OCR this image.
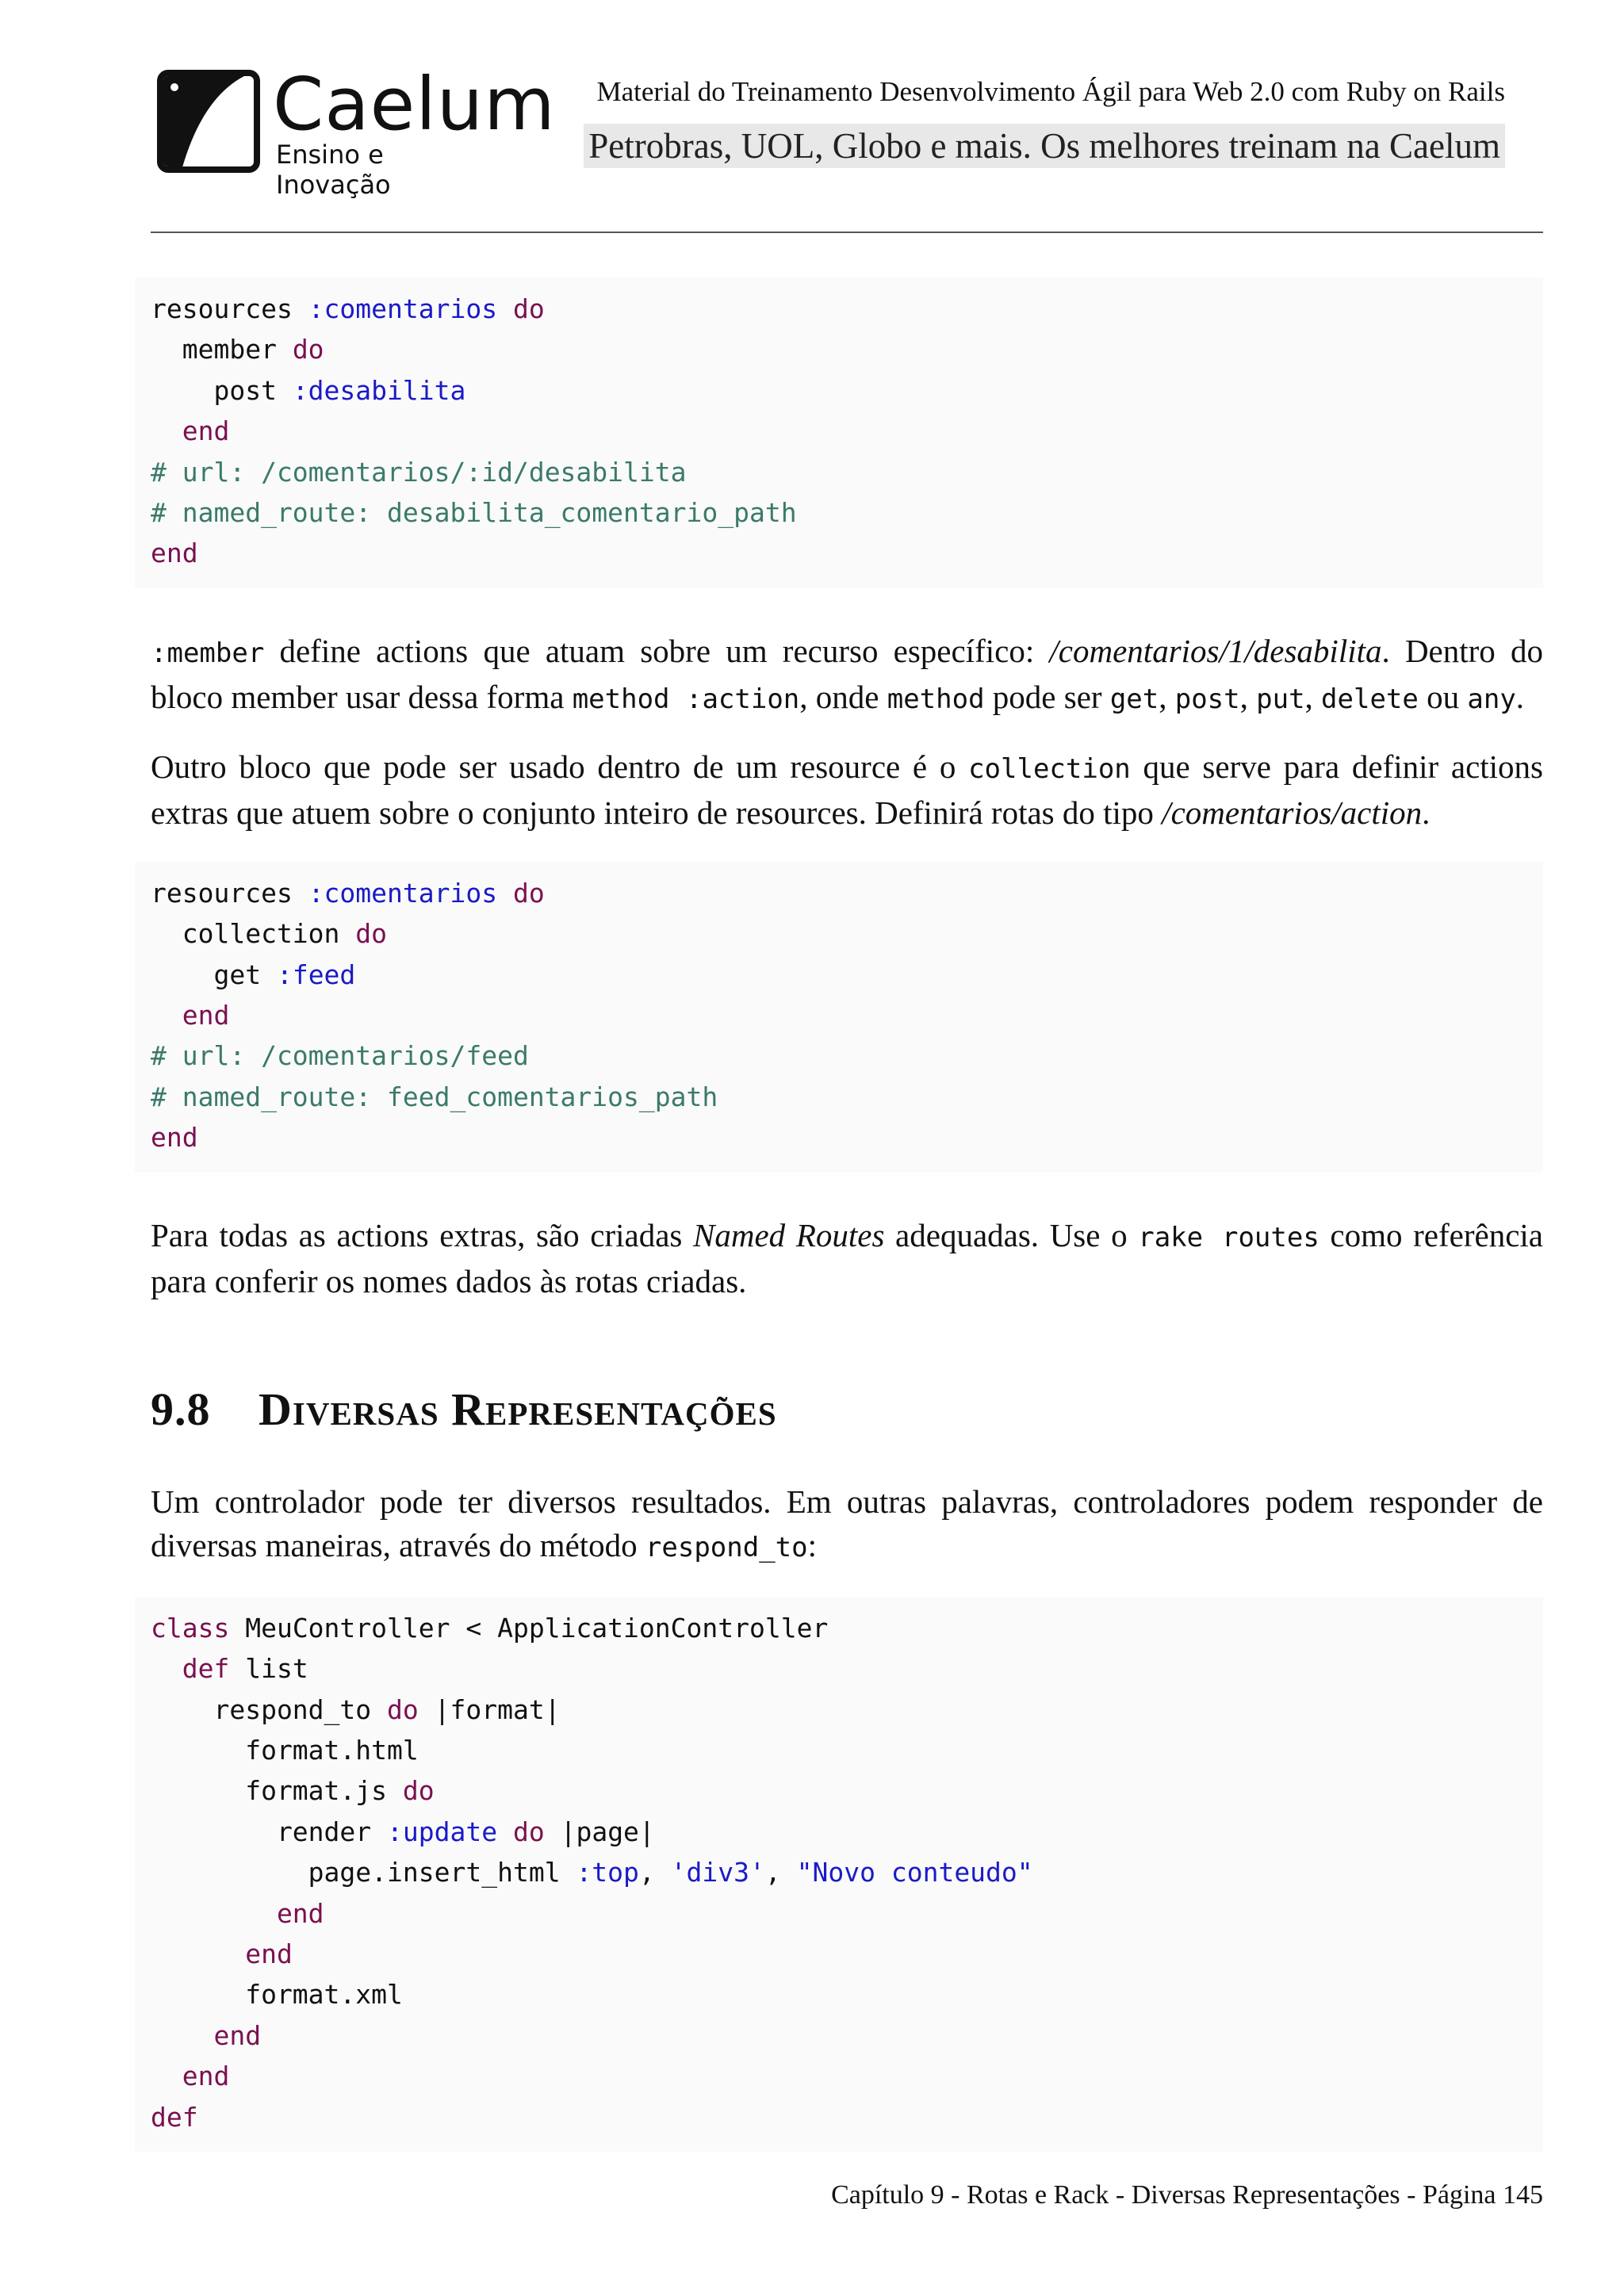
Caelum
Ensino e Inovação
Material do Treinamento Desenvolvimento Ágil para Web 2.0 com Ruby on Rails
Petrobras, UOL, Globo e mais. Os melhores treinam na Caelum
resources :comentarios do
member do
post :desabilita
end
# url: /comentarios/:id/desabilita
# named_route: desabilita_comentario_path
end

:member define actions que atuam sobre um recurso específico: /comentarios/1/desabilita. Dentro do bloco member usar dessa forma method :action, onde method pode ser get, post, put, delete ou any.

Outro bloco que pode ser usado dentro de um resource é o collection que serve para definir actions extras que atuem sobre o conjunto inteiro de resources. Definirá rotas do tipo /comentarios/action.

resources :comentarios do
collection do
get :feed
end
# url: /comentarios/feed
# named_route: feed_comentarios_path
end

Para todas as actions extras, são criadas Named Routes adequadas. Use o rake routes como referência para conferir os nomes dados às rotas criadas.

9.8 Diversas Representações

Um controlador pode ter diversos resultados. Em outras palavras, controladores podem responder de diversas maneiras, através do método respond_to:

class MeuController < ApplicationController
def list
respond_to do |format|
format.html
format.js do
render :update do |page|
page.insert_html :top, 'div3', "Novo conteudo"
end
end
format.xml
end
end
def
Capítulo 9 - Rotas e Rack - Diversas Representações - Página 145
